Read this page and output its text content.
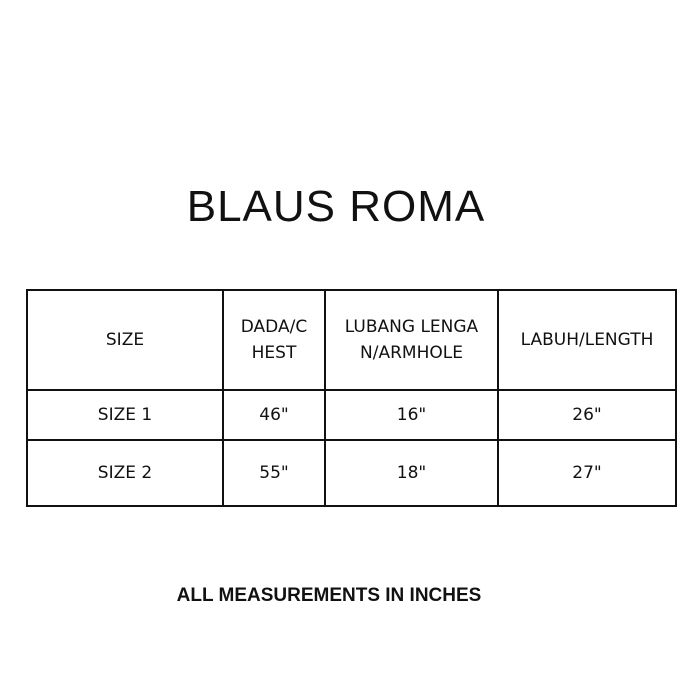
BLAUS ROMA
SIZE	DADA/CHEST	LUBANG LENGAN/ARMHOLE	LABUH/LENGTH
SIZE 1	46"	16"	26"
SIZE 2	55"	18"	27"

ALL MEASUREMENTS IN INCHES
